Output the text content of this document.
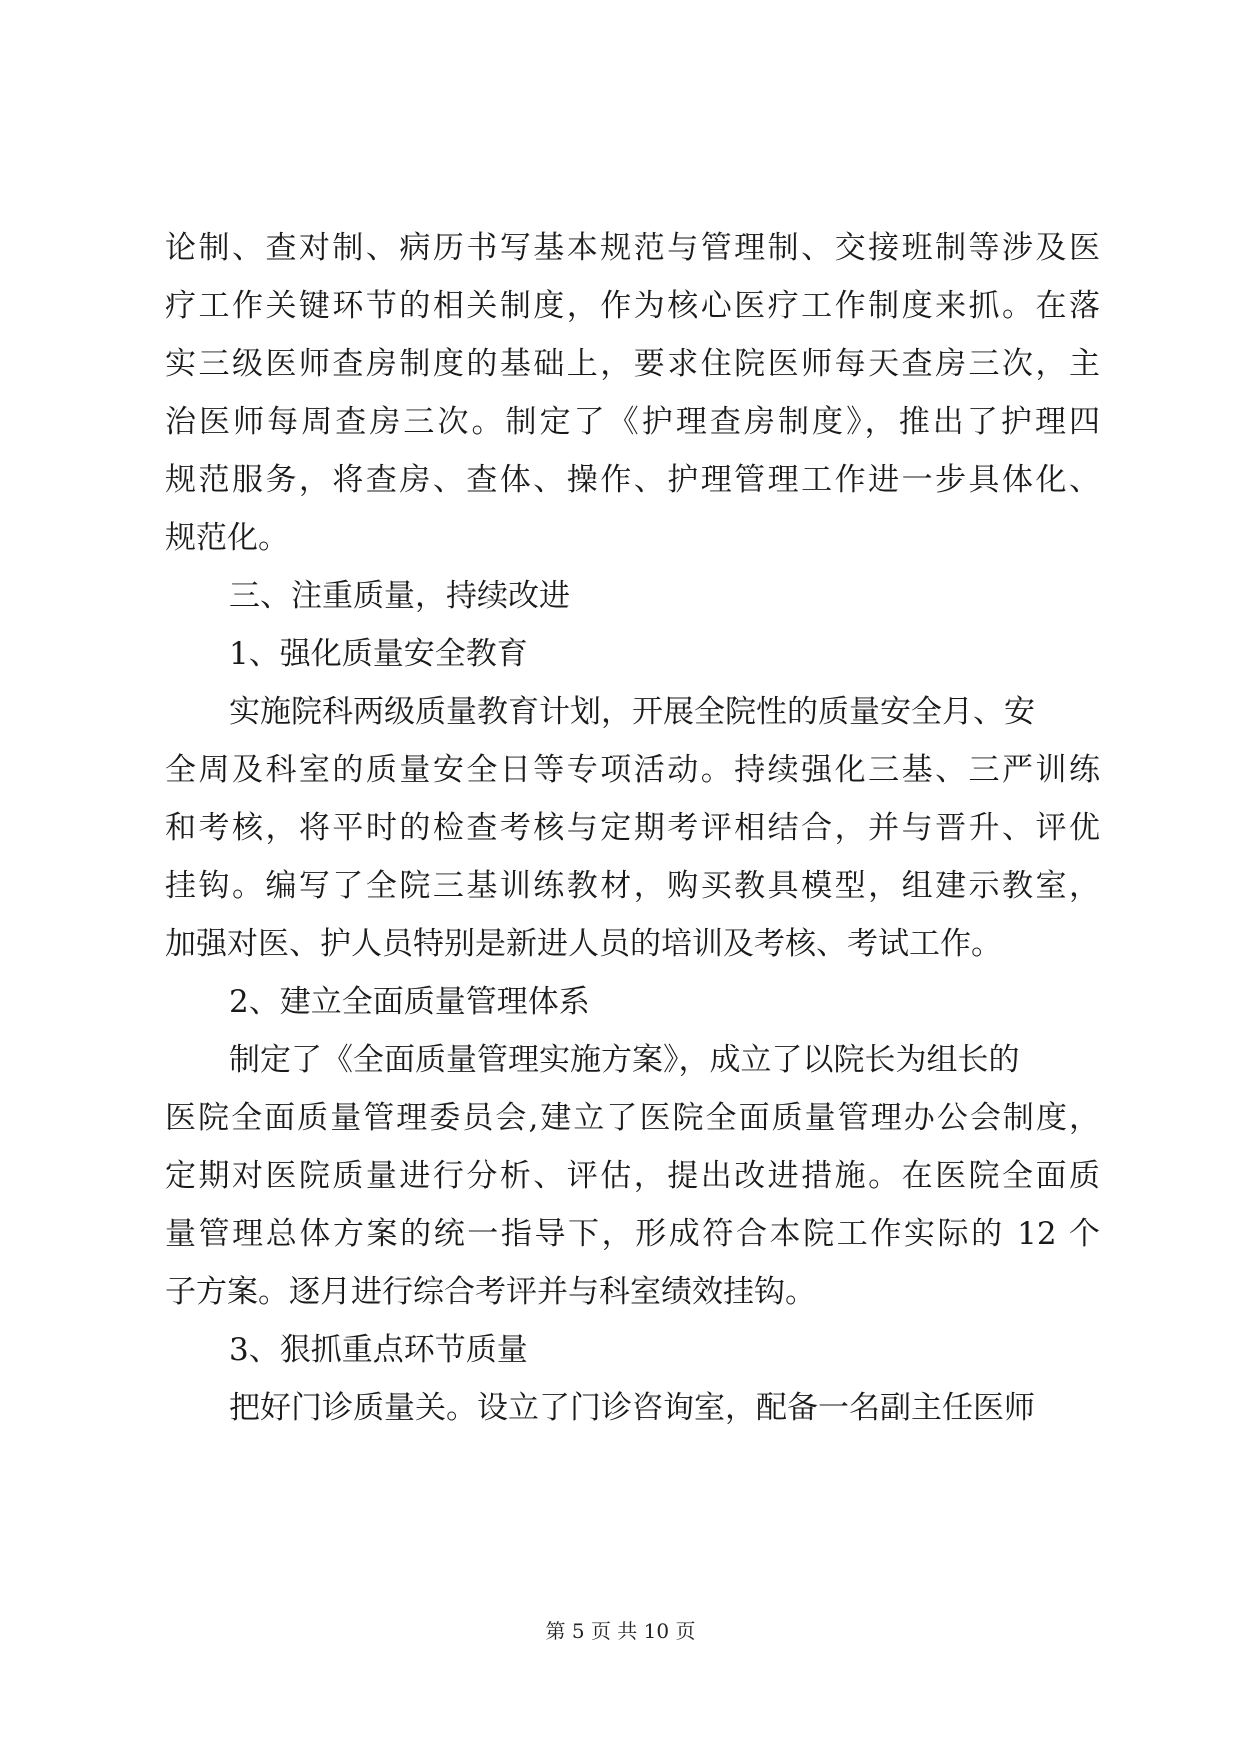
论制、查对制、病历书写基本规范与管理制、交接班制等涉及医
疗工作关键环节的相关制度，作为核心医疗工作制度来抓。在落
实三级医师查房制度的基础上，要求住院医师每天查房三次，主
治医师每周查房三次。制定了《护理查房制度》，推出了护理四
规范服务，将查房、查体、操作、护理管理工作进一步具体化、
规范化。
三、注重质量，持续改进
1、强化质量安全教育
实施院科两级质量教育计划，开展全院性的质量安全月、安
全周及科室的质量安全日等专项活动。持续强化三基、三严训练
和考核，将平时的检查考核与定期考评相结合，并与晋升、评优
挂钩。编写了全院三基训练教材，购买教具模型，组建示教室，
加强对医、护人员特别是新进人员的培训及考核、考试工作。
2、建立全面质量管理体系
制定了《全面质量管理实施方案》，成立了以院长为组长的
医院全面质量管理委员会,建立了医院全面质量管理办公会制度，
定期对医院质量进行分析、评估，提出改进措施。在医院全面质
量管理总体方案的统一指导下，形成符合本院工作实际的 12 个
子方案。逐月进行综合考评并与科室绩效挂钩。
3、狠抓重点环节质量
把好门诊质量关。设立了门诊咨询室，配备一名副主任医师
第 5 页 共 10 页
